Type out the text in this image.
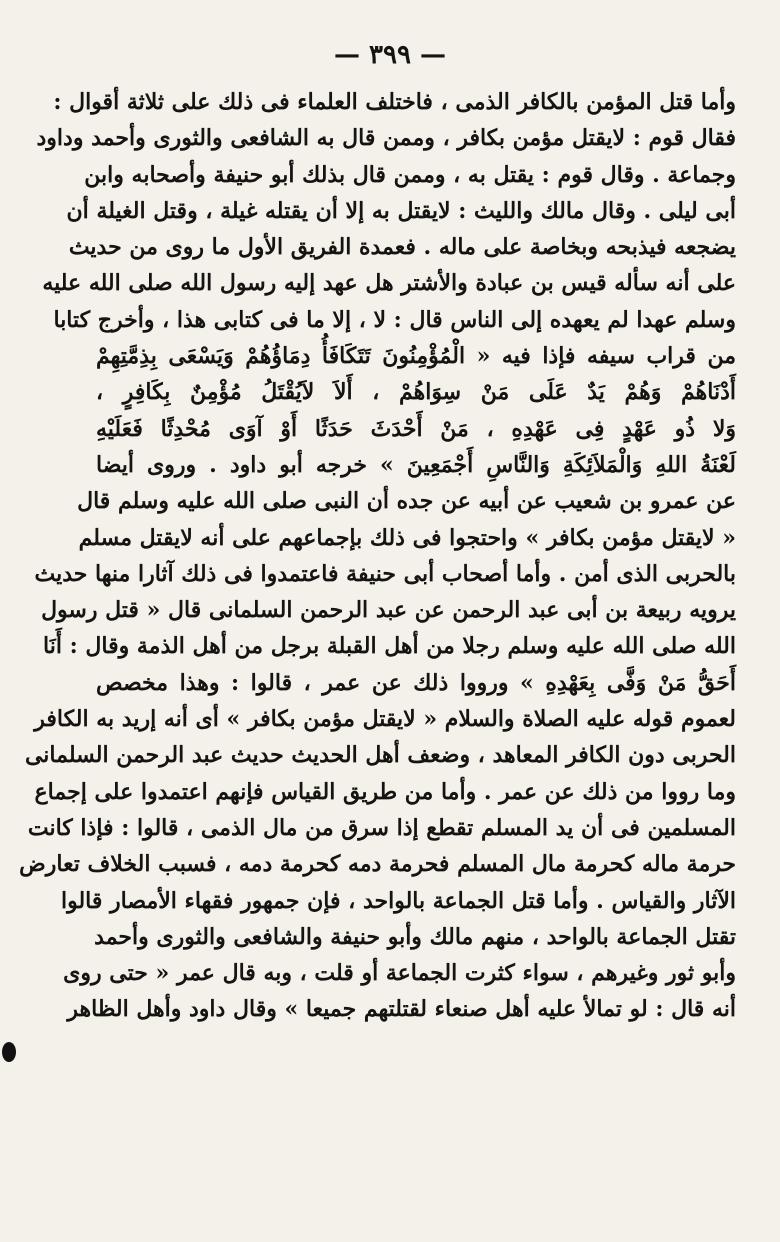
— ٣٩٩ —
وأما قتل المؤمن بالكافر الذمى ، فاختلف العلماء فى ذلك على ثلاثة أقوال :
فقال قوم : لايقتل مؤمن بكافر ، وممن قال به الشافعى والثورى وأحمد وداود
وجماعة . وقال قوم : يقتل به ، وممن قال بذلك أبو حنيفة وأصحابه وابن
أبى ليلى . وقال مالك والليث : لايقتل به إلا أن يقتله غيلة ، وقتل الغيلة أن
يضجعه فيذبحه وبخاصة على ماله . فعمدة الفريق الأول ما روى من حديث
على أنه سأله قيس بن عبادة والأشتر هل عهد إليه رسول الله صلى الله عليه
وسلم عهدا لم يعهده إلى الناس قال : لا ، إلا ما فى كتابى هذا ، وأخرج كتابا
من قراب سيفه فإذا فيه « الْمُؤْمِنُونَ تَتَكَافَأُ دِمَاؤُهُمْ وَيَسْعَى بِذِمَّتِهِمْ
أَدْنَاهُمْ وَهُمْ يَدٌ عَلَى مَنْ سِوَاهُمْ ، أَلاَ لاَيُقْتَلُ مُؤْمِنٌ بِكَافِرٍ ،
وَلا ذُو عَهْدٍ فِى عَهْدِهِ ، مَنْ أَحْدَثَ حَدَثًا أَوْ آوَى مُحْدِثًا فَعَلَيْهِ
لَعْنَةُ اللهِ وَالْمَلاَئِكَةِ وَالنَّاسِ أَجْمَعِينَ » خرجه أبو داود . وروى أيضا
عن عمرو بن شعيب عن أبيه عن جده أن النبى صلى الله عليه وسلم قال
« لايقتل مؤمن بكافر » واحتجوا فى ذلك بإجماعهم على أنه لايقتل مسلم
بالحربى الذى أمن . وأما أصحاب أبى حنيفة فاعتمدوا فى ذلك آثارا منها حديث
يرويه ربيعة بن أبى عبد الرحمن عن عبد الرحمن السلمانى قال « قتل رسول
الله صلى الله عليه وسلم رجلا من أهل القبلة برجل من أهل الذمة وقال : أَنَا
أَحَقُّ مَنْ وَفَّى بِعَهْدِهِ » ورووا ذلك عن عمر ، قالوا : وهذا مخصص
لعموم قوله عليه الصلاة والسلام « لايقتل مؤمن بكافر » أى أنه إريد به الكافر
الحربى دون الكافر المعاهد ، وضعف أهل الحديث حديث عبد الرحمن السلمانى
وما رووا من ذلك عن عمر . وأما من طريق القياس فإنهم اعتمدوا على إجماع
المسلمين فى أن يد المسلم تقطع إذا سرق من مال الذمى ، قالوا : فإذا كانت
حرمة ماله كحرمة مال المسلم فحرمة دمه كحرمة دمه ، فسبب الخلاف تعارض
الآثار والقياس . وأما قتل الجماعة بالواحد ، فإن جمهور فقهاء الأمصار قالوا
تقتل الجماعة بالواحد ، منهم مالك وأبو حنيفة والشافعى والثورى وأحمد
وأبو ثور وغيرهم ، سواء كثرت الجماعة أو قلت ، وبه قال عمر « حتى روى
أنه قال : لو تمالأ عليه أهل صنعاء لقتلتهم جميعا » وقال داود وأهل الظاهر
